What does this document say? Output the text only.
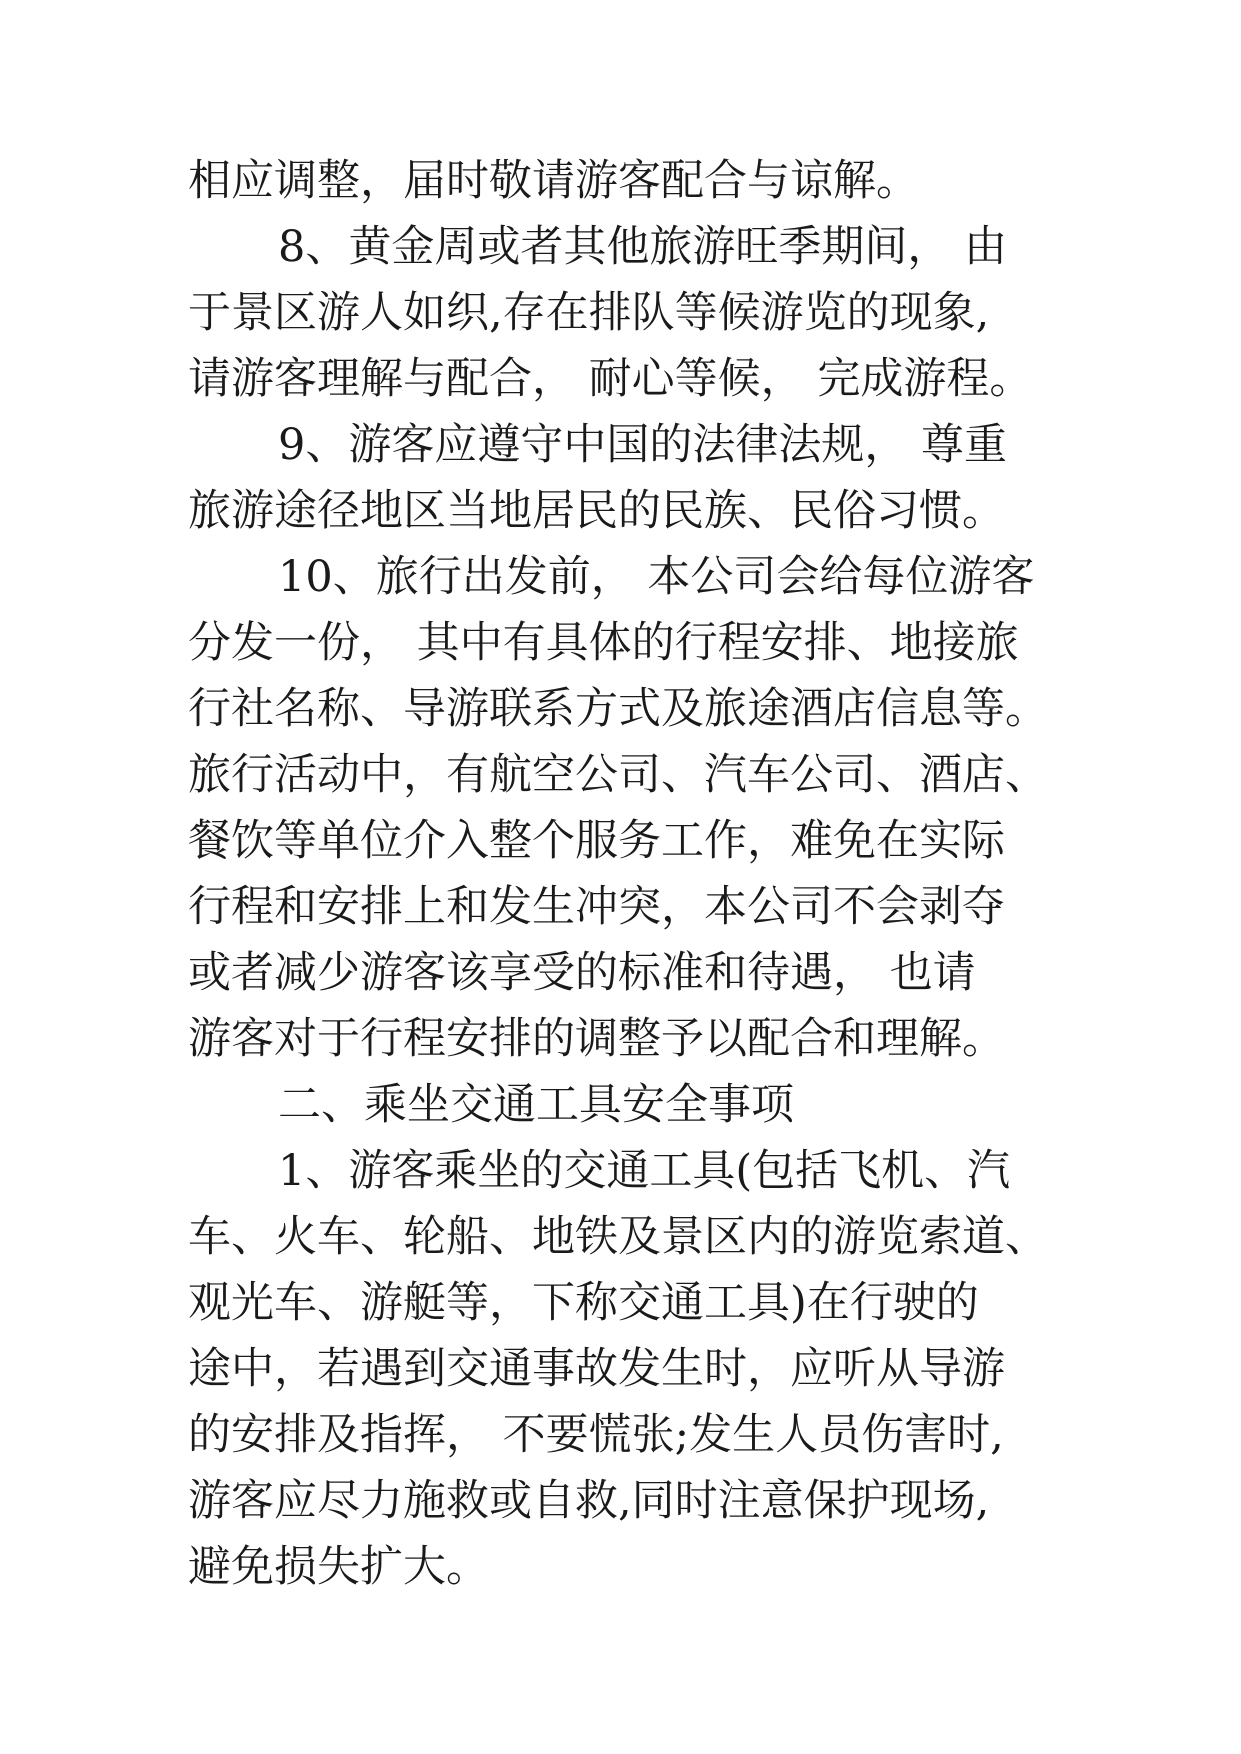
相应调整，届时敬请游客配合与谅解。
8、黄金周或者其他旅游旺季期间， 由
于景区游人如织,存在排队等候游览的现象,
请游客理解与配合， 耐心等候， 完成游程。
9、游客应遵守中国的法律法规， 尊重
旅游途径地区当地居民的民族、民俗习惯。
10、旅行出发前， 本公司会给每位游客
分发一份， 其中有具体的行程安排、地接旅
行社名称、导游联系方式及旅途酒店信息等。
旅行活动中，有航空公司、汽车公司、酒店、
餐饮等单位介入整个服务工作，难免在实际
行程和安排上和发生冲突，本公司不会剥夺
或者减少游客该享受的标准和待遇， 也请
游客对于行程安排的调整予以配合和理解。
二、乘坐交通工具安全事项
1、游客乘坐的交通工具(包括飞机、汽
车、火车、轮船、地铁及景区内的游览索道、
观光车、游艇等，下称交通工具)在行驶的
途中，若遇到交通事故发生时，应听从导游
的安排及指挥， 不要慌张;发生人员伤害时,
游客应尽力施救或自救,同时注意保护现场,
避免损失扩大。
